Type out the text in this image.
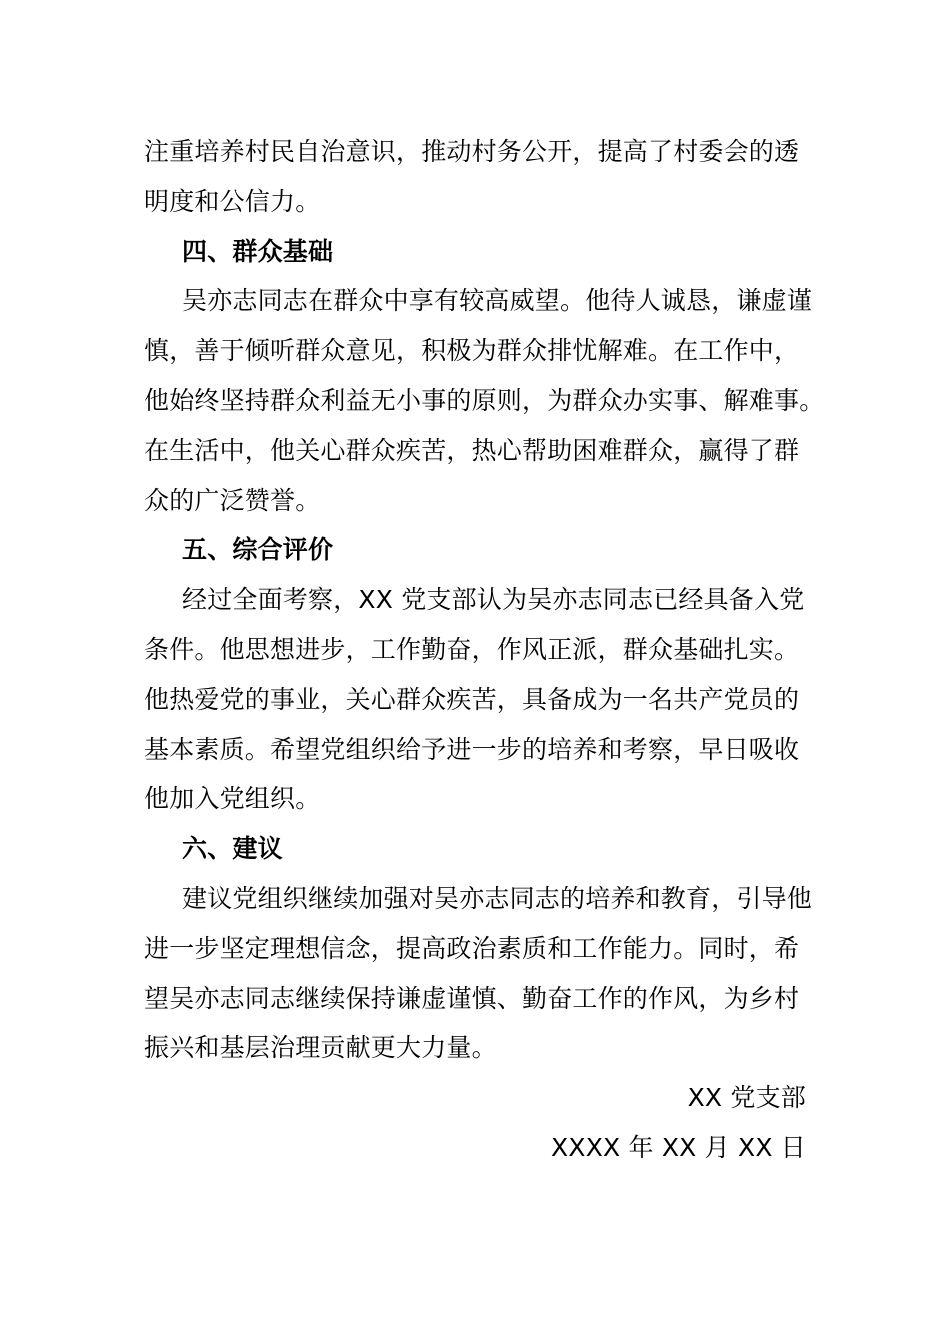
注重培养村民自治意识，推动村务公开，提高了村委会的透
明度和公信力。
四、群众基础
吴亦志同志在群众中享有较高威望。他待人诚恳，谦虚谨
慎，善于倾听群众意见，积极为群众排忧解难。在工作中，
他始终坚持群众利益无小事的原则，为群众办实事、解难事。
在生活中，他关心群众疾苦，热心帮助困难群众，赢得了群
众的广泛赞誉。
五、综合评价
经过全面考察，XX 党支部认为吴亦志同志已经具备入党
条件。他思想进步，工作勤奋，作风正派，群众基础扎实。
他热爱党的事业，关心群众疾苦，具备成为一名共产党员的
基本素质。希望党组织给予进一步的培养和考察，早日吸收
他加入党组织。
六、建议
建议党组织继续加强对吴亦志同志的培养和教育，引导他
进一步坚定理想信念，提高政治素质和工作能力。同时，希
望吴亦志同志继续保持谦虚谨慎、勤奋工作的作风，为乡村
振兴和基层治理贡献更大力量。
XX 党支部
XXXX 年 XX 月 XX 日
